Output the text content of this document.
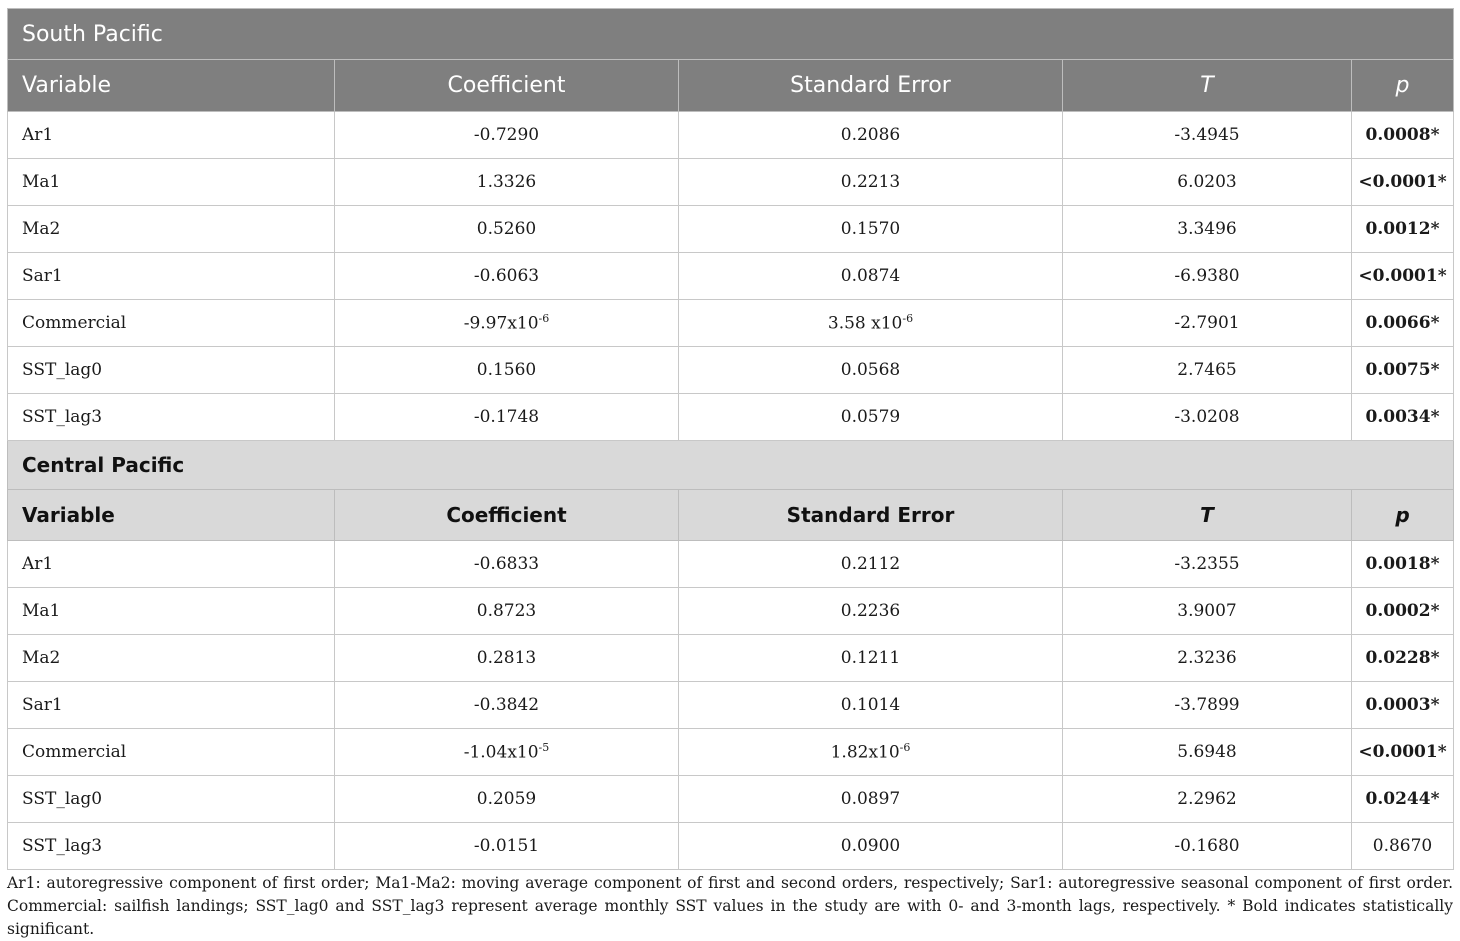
South Pacific				
Variable	Coefficient	Standard Error	T	p
Ar1	-0.7290	0.2086	-3.4945	0.0008*
Ma1	1.3326	0.2213	6.0203	<0.0001*
Ma2	0.5260	0.1570	3.3496	0.0012*
Sar1	-0.6063	0.0874	-6.9380	<0.0001*
Commercial	$-9.97x10^{-6}$	3.58 $x10^{-6}$	-2.7901	0.0066*
SST_lag0	0.1560	0.0568	2.7465	0.0075*
SST_lag3	-0.1748	0.0579	-3.0208	0.0034*
Central Pacific				
Variable	Coefficient	Standard Error	T	p
Ar1	-0.6833	0.2112	-3.2355	0.0018*
Ma1	0.8723	0.2236	3.9007	0.0002*
Ma2	0.2813	0.1211	2.3236	0.0228*
Sar1	-0.3842	0.1014	-3.7899	0.0003*
Commercial	$-1.04x10^{-5}$	$1.82x10^{-6}$	5.6948	<0.0001*
SST_lag0	0.2059	0.0897	2.2962	0.0244*
SST_lag3	-0.0151	0.0900	-0.1680	0.8670

Ar1: autoregressive component of first order; Ma1-Ma2: moving average component of first and second orders, respectively; Sar1: autoregressive seasonal component of first order. Commercial: sailfish landings; SST_lag0 and SST_lag3 represent average monthly SST values in the study are with 0- and 3-month lags, respectively. * Bold indicates statistically significant.
